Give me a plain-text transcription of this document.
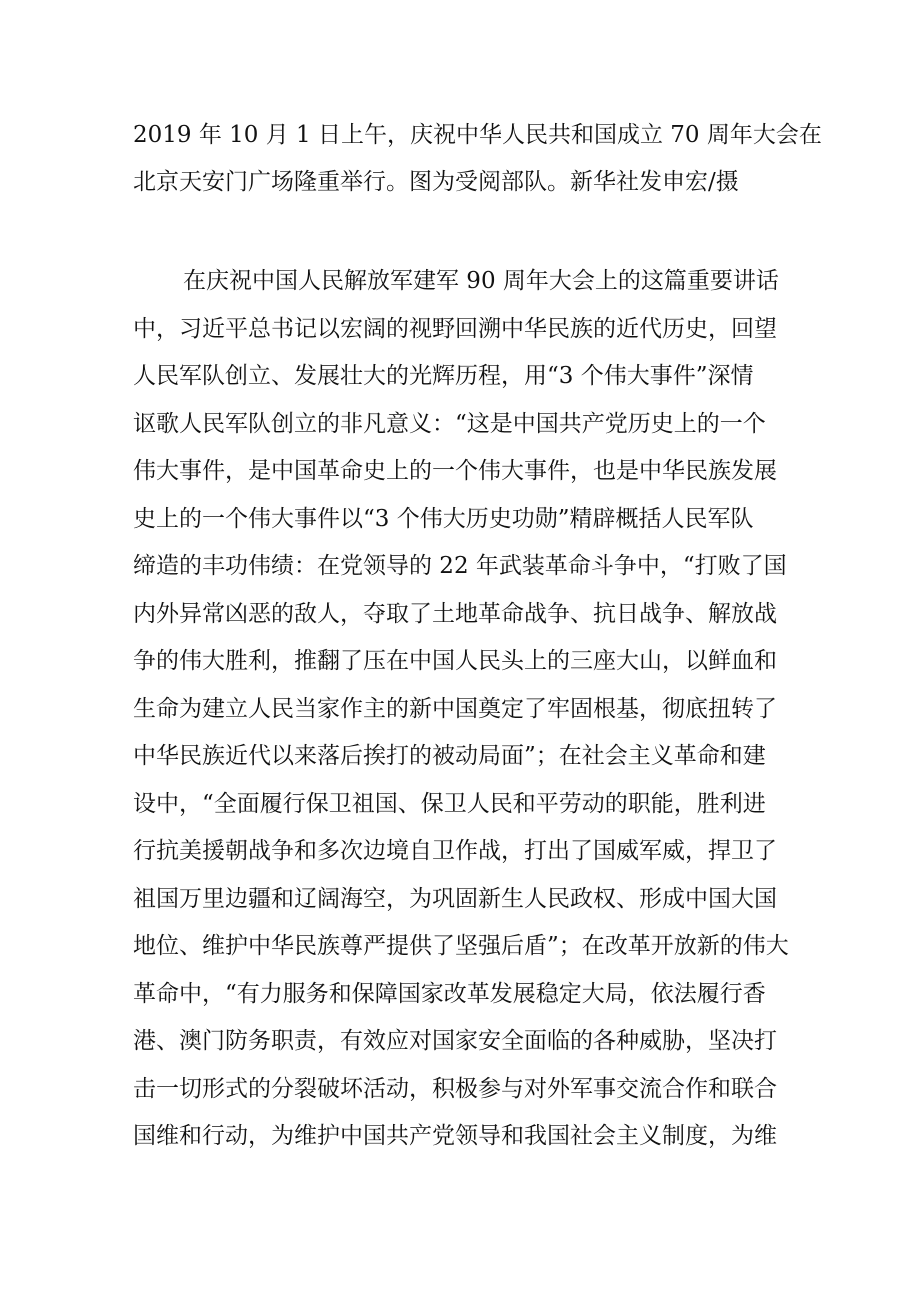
2019 年 10 月 1 日上午，庆祝中华人民共和国成立 70 周年大会在
北京天安门广场隆重举行。图为受阅部队。新华社发申宏/摄
在庆祝中国人民解放军建军 90 周年大会上的这篇重要讲话
中，习近平总书记以宏阔的视野回溯中华民族的近代历史，回望
人民军队创立、发展壮大的光辉历程，用“3 个伟大事件”深情
讴歌人民军队创立的非凡意义：“这是中国共产党历史上的一个
伟大事件，是中国革命史上的一个伟大事件，也是中华民族发展
史上的一个伟大事件以“3 个伟大历史功勋”精辟概括人民军队
缔造的丰功伟绩：在党领导的 22 年武装革命斗争中，“打败了国
内外异常凶恶的敌人，夺取了土地革命战争、抗日战争、解放战
争的伟大胜利，推翻了压在中国人民头上的三座大山，以鲜血和
生命为建立人民当家作主的新中国奠定了牢固根基，彻底扭转了
中华民族近代以来落后挨打的被动局面”；在社会主义革命和建
设中，“全面履行保卫祖国、保卫人民和平劳动的职能，胜利进
行抗美援朝战争和多次边境自卫作战，打出了国威军威，捍卫了
祖国万里边疆和辽阔海空，为巩固新生人民政权、形成中国大国
地位、维护中华民族尊严提供了坚强后盾”；在改革开放新的伟大
革命中，“有力服务和保障国家改革发展稳定大局，依法履行香
港、澳门防务职责，有效应对国家安全面临的各种威胁，坚决打
击一切形式的分裂破坏活动，积极参与对外军事交流合作和联合
国维和行动，为维护中国共产党领导和我国社会主义制度，为维
